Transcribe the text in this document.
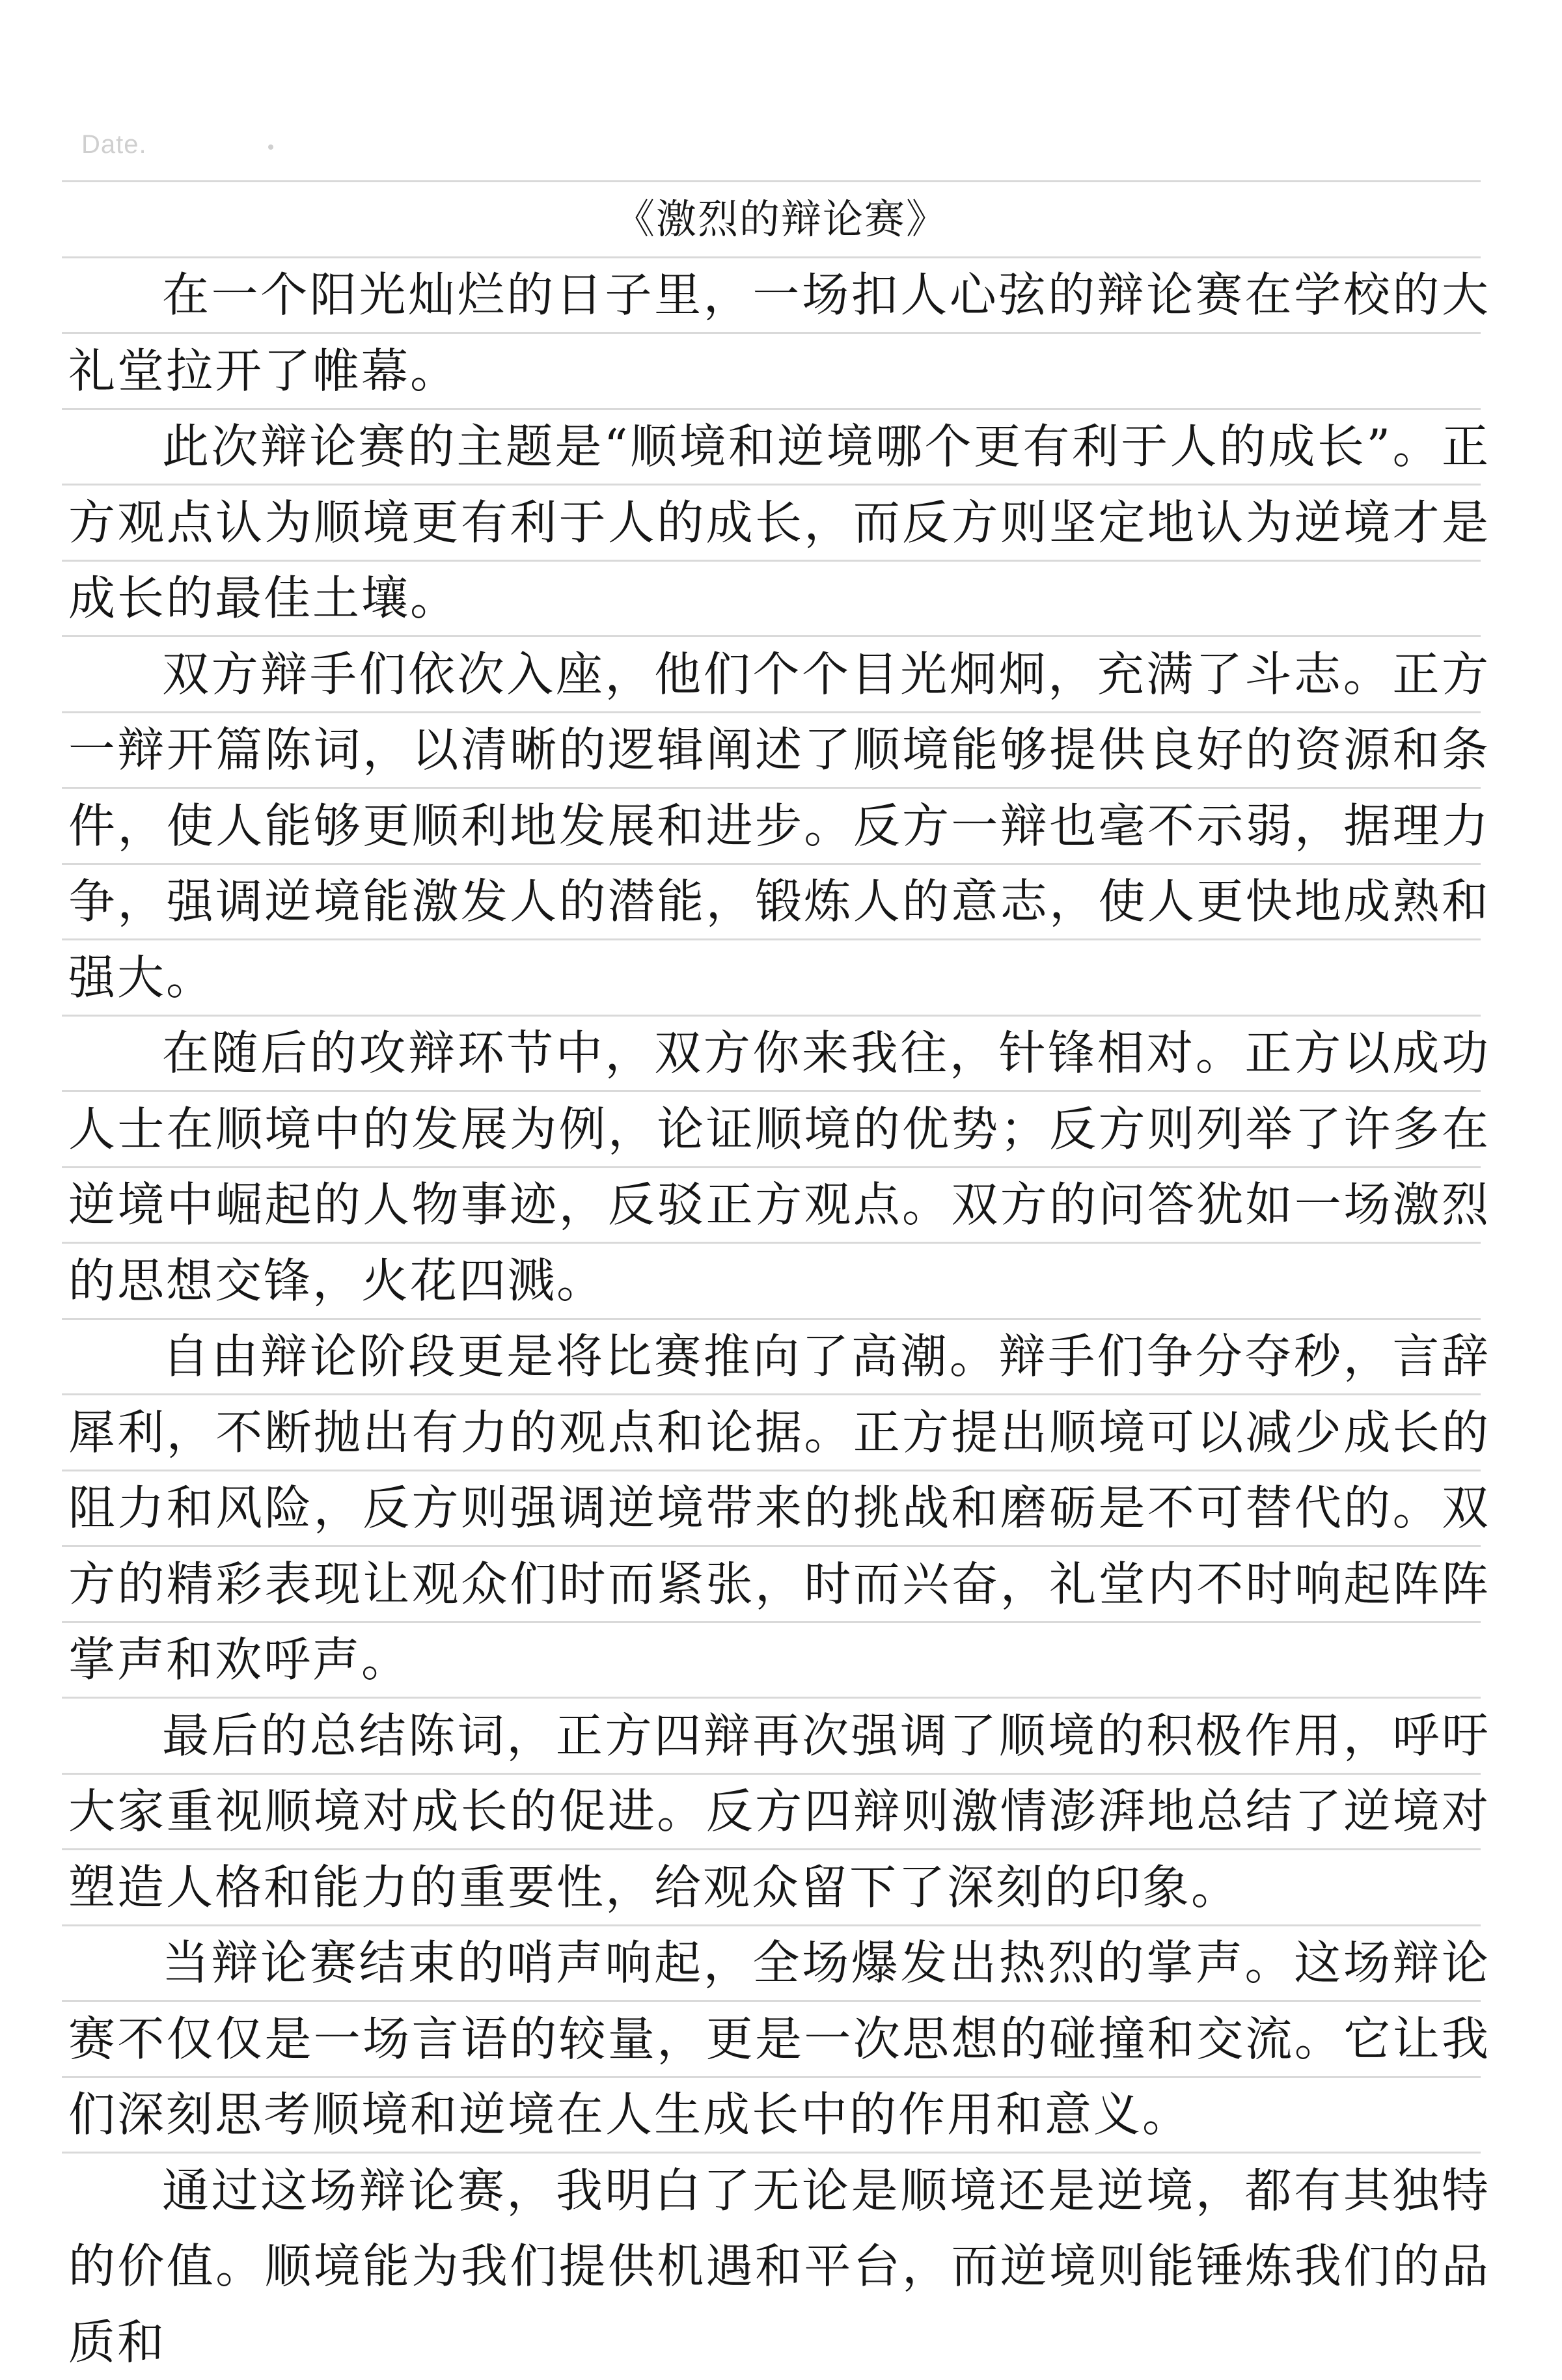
Date.
《激烈的辩论赛》

在一个阳光灿烂的日子里，一场扣人心弦的辩论赛在学校的大礼堂拉开了帷幕。

此次辩论赛的主题是“顺境和逆境哪个更有利于人的成长”。正方观点认为顺境更有利于人的成长，而反方则坚定地认为逆境才是成长的最佳土壤。

双方辩手们依次入座，他们个个目光炯炯，充满了斗志。正方一辩开篇陈词，以清晰的逻辑阐述了顺境能够提供良好的资源和条件，使人能够更顺利地发展和进步。反方一辩也毫不示弱，据理力争，强调逆境能激发人的潜能，锻炼人的意志，使人更快地成熟和强大。

在随后的攻辩环节中，双方你来我往，针锋相对。正方以成功人士在顺境中的发展为例，论证顺境的优势；反方则列举了许多在逆境中崛起的人物事迹，反驳正方观点。双方的问答犹如一场激烈的思想交锋，火花四溅。

自由辩论阶段更是将比赛推向了高潮。辩手们争分夺秒，言辞犀利，不断抛出有力的观点和论据。正方提出顺境可以减少成长的阻力和风险，反方则强调逆境带来的挑战和磨砺是不可替代的。双方的精彩表现让观众们时而紧张，时而兴奋，礼堂内不时响起阵阵掌声和欢呼声。

最后的总结陈词，正方四辩再次强调了顺境的积极作用，呼吁大家重视顺境对成长的促进。反方四辩则激情澎湃地总结了逆境对塑造人格和能力的重要性，给观众留下了深刻的印象。

当辩论赛结束的哨声响起，全场爆发出热烈的掌声。这场辩论赛不仅仅是一场言语的较量，更是一次思想的碰撞和交流。它让我们深刻思考顺境和逆境在人生成长中的作用和意义。

通过这场辩论赛，我明白了无论是顺境还是逆境，都有其独特的价值。顺境能为我们提供机遇和平台，而逆境则能锤炼我们的品质和
